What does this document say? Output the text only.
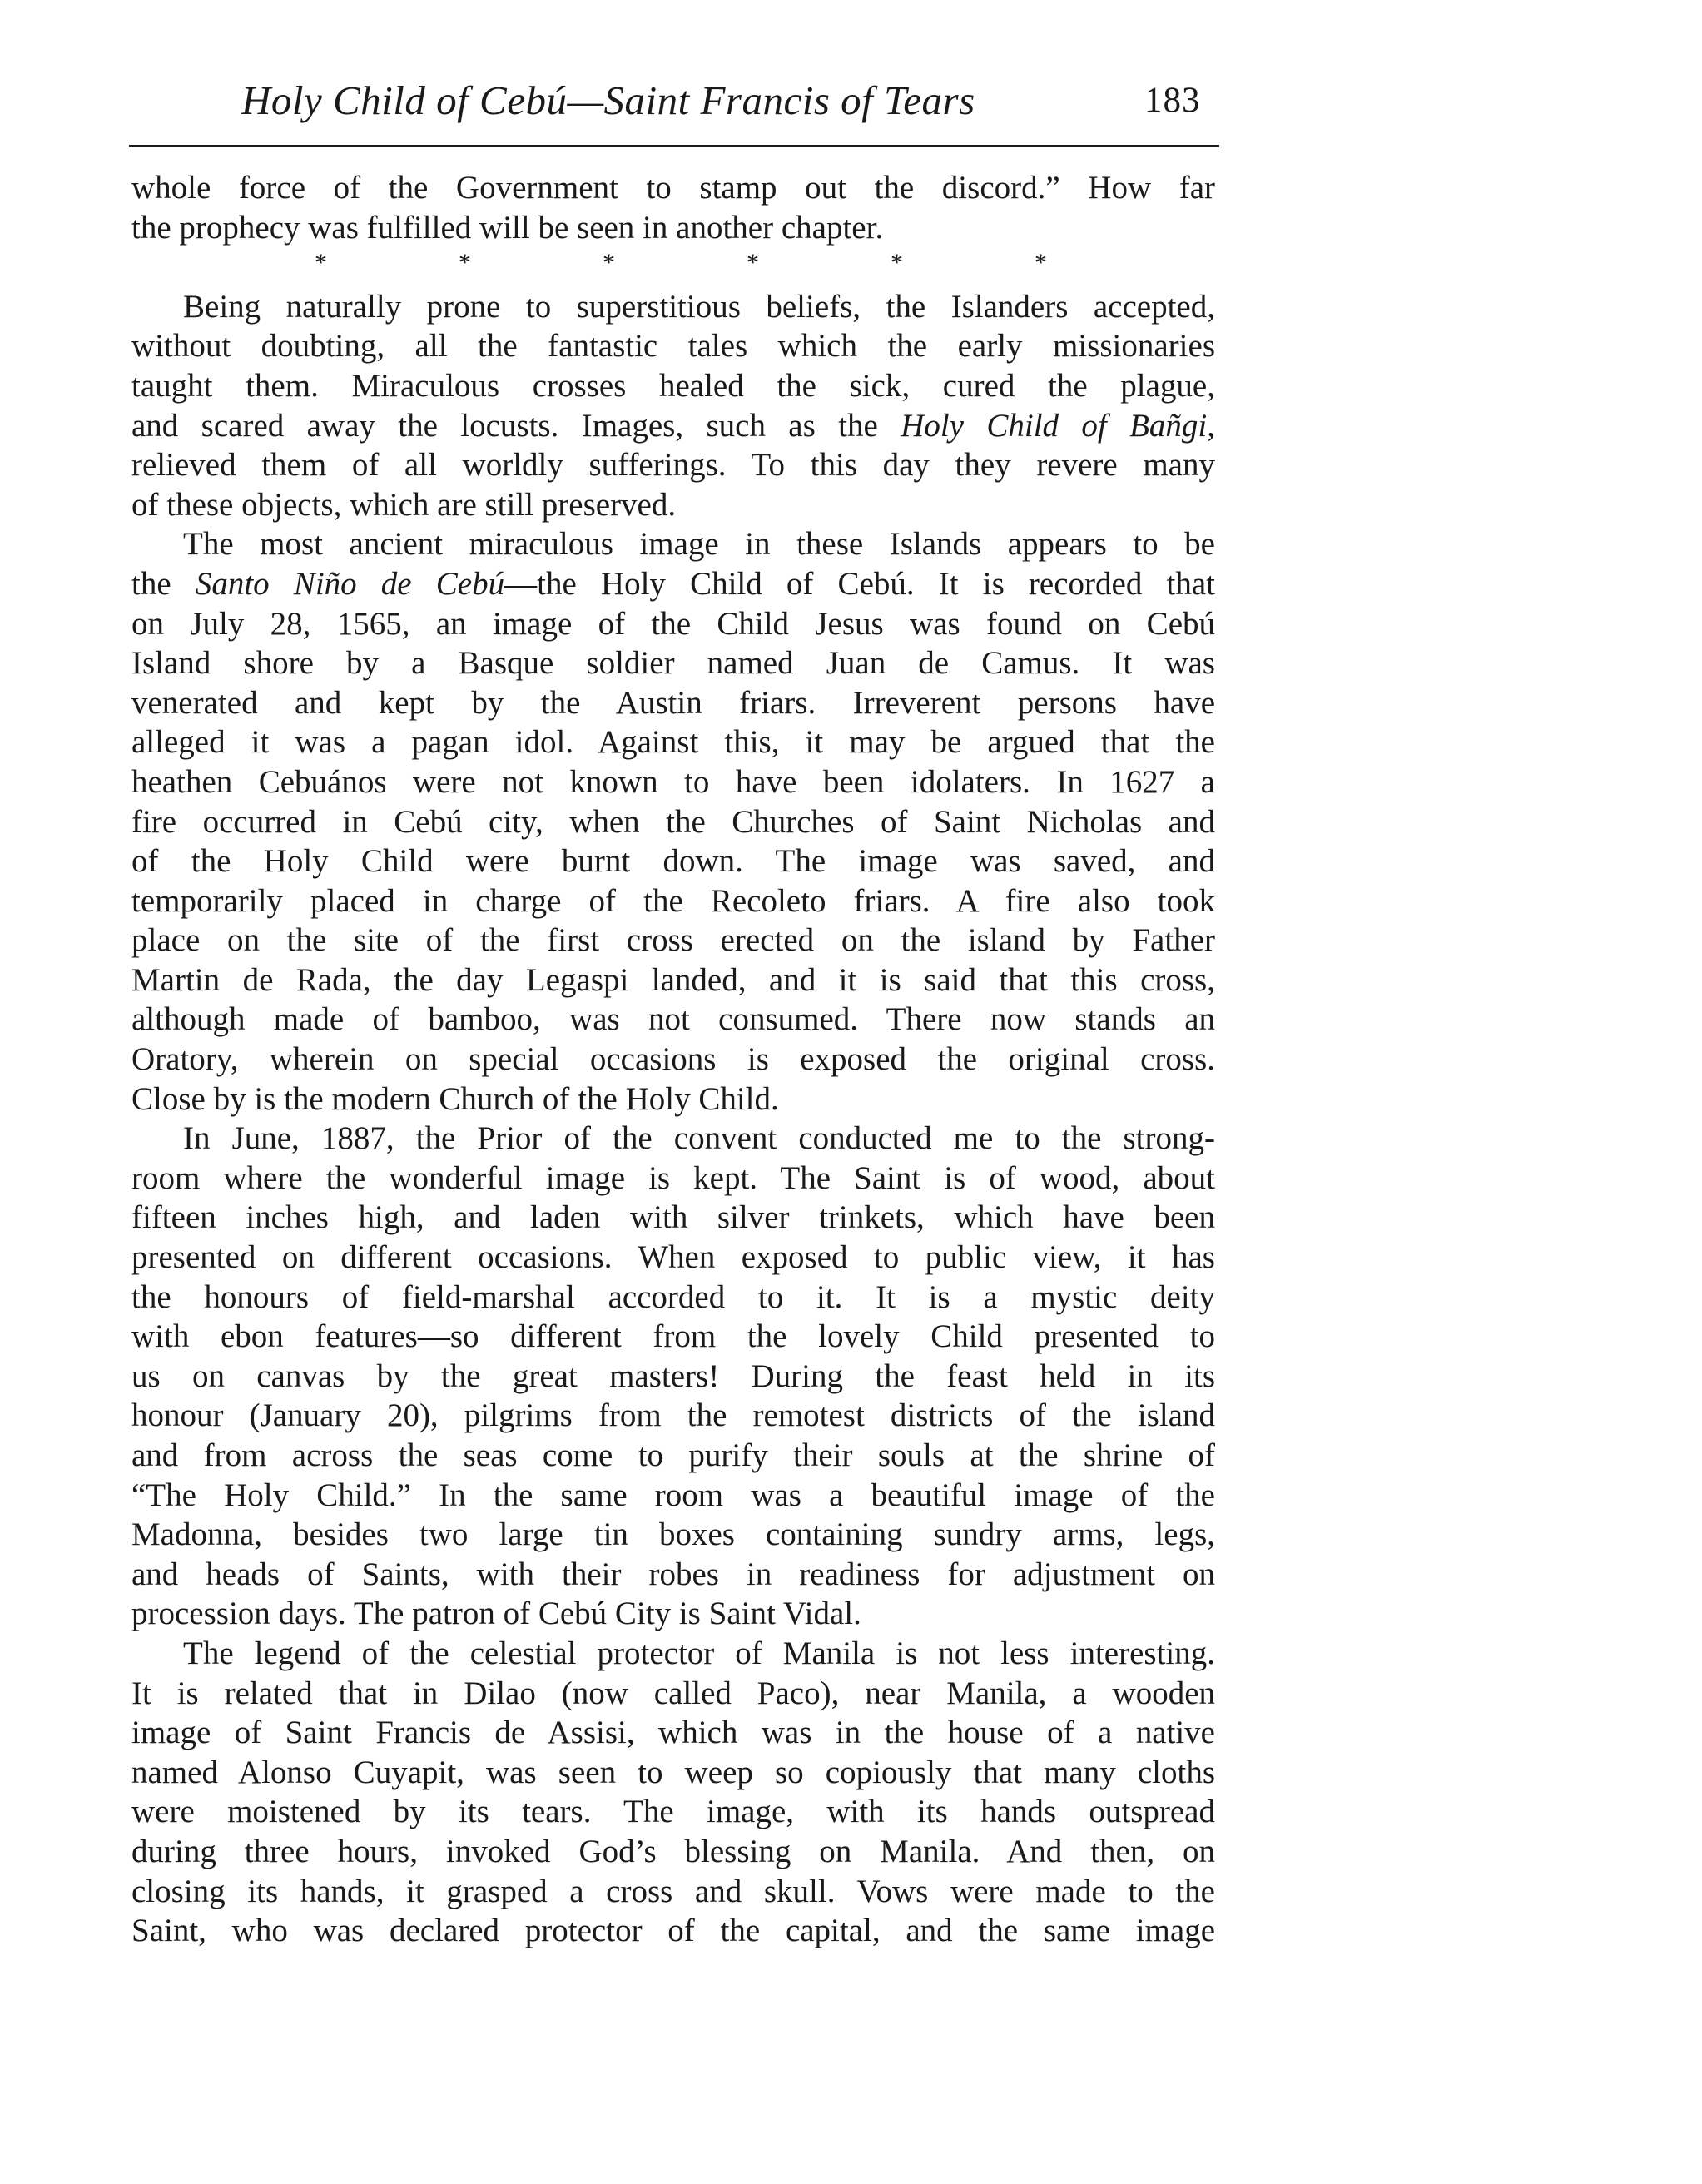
Holy Child of Cebú—Saint Francis of Tears	183
whole force of the Government to stamp out the discord.” How far
the prophecy was fulfilled will be seen in another chapter.
*	*	*	*	*	*
Being naturally prone to superstitious beliefs, the Islanders accepted,
without doubting, all the fantastic tales which the early missionaries
taught them. Miraculous crosses healed the sick, cured the plague,
and scared away the locusts. Images, such as the Holy Child of Bañgi,
relieved them of all worldly sufferings. To this day they revere many
of these objects, which are still preserved.
The most ancient miraculous image in these Islands appears to be
the Santo Niño de Cebú—the Holy Child of Cebú. It is recorded that
on July 28, 1565, an image of the Child Jesus was found on Cebú
Island shore by a Basque soldier named Juan de Camus. It was
venerated and kept by the Austin friars. Irreverent persons have
alleged it was a pagan idol. Against this, it may be argued that the
heathen Cebuános were not known to have been idolaters. In 1627 a
fire occurred in Cebú city, when the Churches of Saint Nicholas and
of the Holy Child were burnt down. The image was saved, and
temporarily placed in charge of the Recoleto friars. A fire also took
place on the site of the first cross erected on the island by Father
Martin de Rada, the day Legaspi landed, and it is said that this cross,
although made of bamboo, was not consumed. There now stands an
Oratory, wherein on special occasions is exposed the original cross.
Close by is the modern Church of the Holy Child.
In June, 1887, the Prior of the convent conducted me to the strong-
room where the wonderful image is kept. The Saint is of wood, about
fifteen inches high, and laden with silver trinkets, which have been
presented on different occasions. When exposed to public view, it has
the honours of field-marshal accorded to it. It is a mystic deity
with ebon features—so different from the lovely Child presented to
us on canvas by the great masters! During the feast held in its
honour (January 20), pilgrims from the remotest districts of the island
and from across the seas come to purify their souls at the shrine of
“The Holy Child.” In the same room was a beautiful image of the
Madonna, besides two large tin boxes containing sundry arms, legs,
and heads of Saints, with their robes in readiness for adjustment on
procession days. The patron of Cebú City is Saint Vidal.
The legend of the celestial protector of Manila is not less interesting.
It is related that in Dilao (now called Paco), near Manila, a wooden
image of Saint Francis de Assisi, which was in the house of a native
named Alonso Cuyapit, was seen to weep so copiously that many cloths
were moistened by its tears. The image, with its hands outspread
during three hours, invoked God’s blessing on Manila. And then, on
closing its hands, it grasped a cross and skull. Vows were made to the
Saint, who was declared protector of the capital, and the same image
